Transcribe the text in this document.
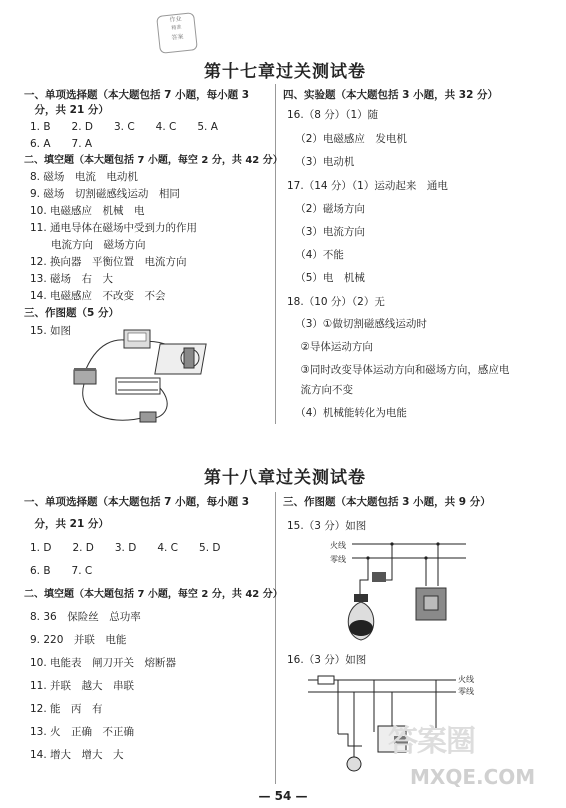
作业
精准
答案
第十七章过关测试卷
一、单项选择题（本大题包括 7 小题，每小题 3
　分，共 21 分）
1. B　　2. D　　3. C　　4. C　　5. A
6. A　　7. A
二、填空题（本大题包括 7 小题，每空 2 分，共 42 分）
8. 磁场　电流　电动机
9. 磁场　切割磁感线运动　相同
10. 电磁感应　机械　电
11. 通电导体在磁场中受到力的作用
　　电流方向　磁场方向
12. 换向器　平衡位置　电流方向
13. 磁场　右　大
14. 电磁感应　不改变　不会
三、作图题（5 分）
15. 如图
四、实验题（本大题包括 3 小题，共 32 分）
16.（8 分）（1）随
　（2）电磁感应　发电机
　（3）电动机
17.（14 分）（1）运动起来　通电
　（2）磁场方向
　（3）电流方向
　（4）不能
　（5）电　机械
18.（10 分）（2）无
　（3）①做切割磁感线运动时
　②导体运动方向
　③同时改变导体运动方向和磁场方向，感应电
　流方向不变
　（4）机械能转化为电能
第十八章过关测试卷
一、单项选择题（本大题包括 7 小题，每小题 3
　分，共 21 分）
1. D　　2. D　　3. D　　4. C　　5. D
6. B　　7. C
二、填空题（本大题包括 7 小题，每空 2 分，共 42 分）
8. 36　保险丝　总功率
9. 220　并联　电能
10. 电能表　闸刀开关　熔断器
11. 并联　越大　串联
12. 能　丙　有
13. 火　正确　不正确
14. 增大　增大　大
三、作图题（本大题包括 3 小题，共 9 分）
15.（3 分）如图
16.（3 分）如图
火线
零线
火线
零线
答案圈
MXQE.COM
— 54 —
